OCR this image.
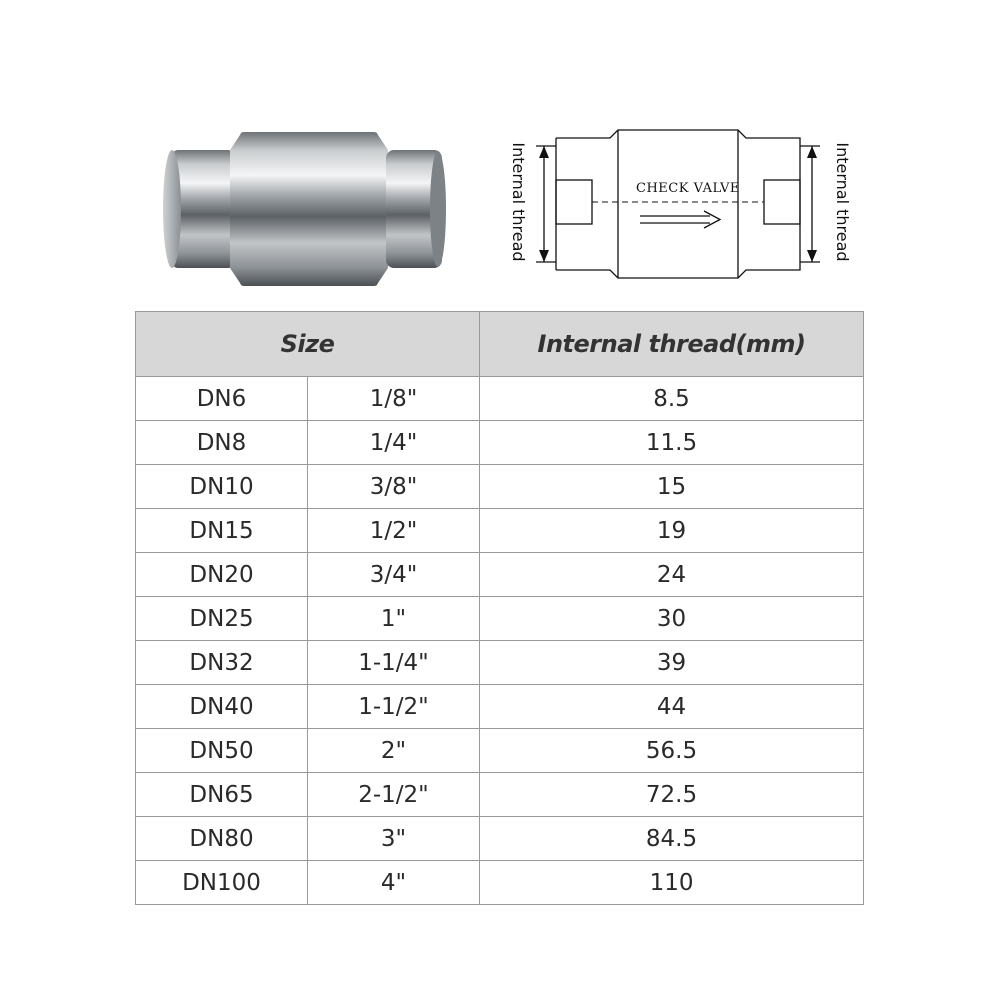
Internal thread	Internal thread
CHECK VALVE
Size		Internal thread(mm)
DN6	1/8"	8.5
DN8	1/4"	11.5
DN10	3/8"	15
DN15	1/2"	19
DN20	3/4"	24
DN25	1"	30
DN32	1-1/4"	39
DN40	1-1/2"	44
DN50	2"	56.5
DN65	2-1/2"	72.5
DN80	3"	84.5
DN100	4"	110
